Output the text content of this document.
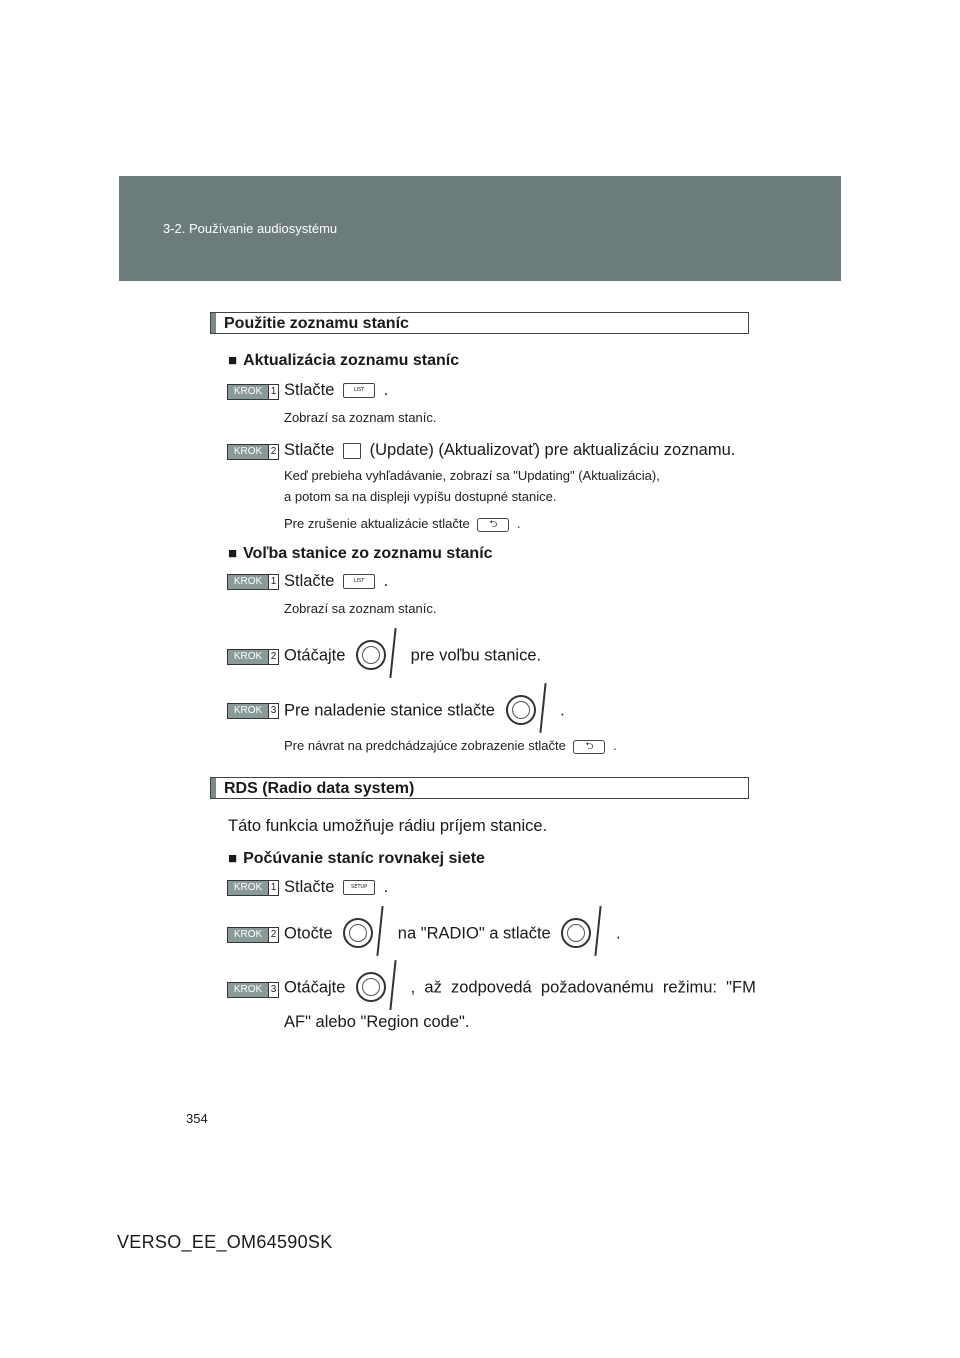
3-2. Používanie audiosystému
Použitie zoznamu staníc
■ Aktualizácia zoznamu staníc
KROK 1 Stlačte	LIST .
Zobrazí sa zoznam staníc.
KROK 2 Stlačte (Update) (Aktualizovať) pre aktualizáciu zoznamu.
Keď prebieha vyhľadávanie, zobrazí sa "Updating" (Aktualizácia),
a potom sa na displeji vypíšu dostupné stanice.
Pre zrušenie aktualizácie stlačte ⮌ .
■ Voľba stanice zo zoznamu staníc
KROK 1 Stlačte	LIST .
Zobrazí sa zoznam staníc.
KROK 2 Otáčajte	pre voľbu stanice.
KROK 3 Pre naladenie stanice stlačte	.
Pre návrat na predchádzajúce zobrazenie stlačte ⮌ .
RDS (Radio data system)
Táto funkcia umožňuje rádiu príjem stanice.
■ Počúvanie staníc rovnakej siete
KROK 1 Stlačte	SETUP .
KROK 2 Otočte	na "RADIO" a stlačte	.
KROK 3 Otáčajte	,  až  zodpovedá  požadovanému  režimu:  "FM
AF" alebo "Region code".
354
VERSO_EE_OM64590SK
